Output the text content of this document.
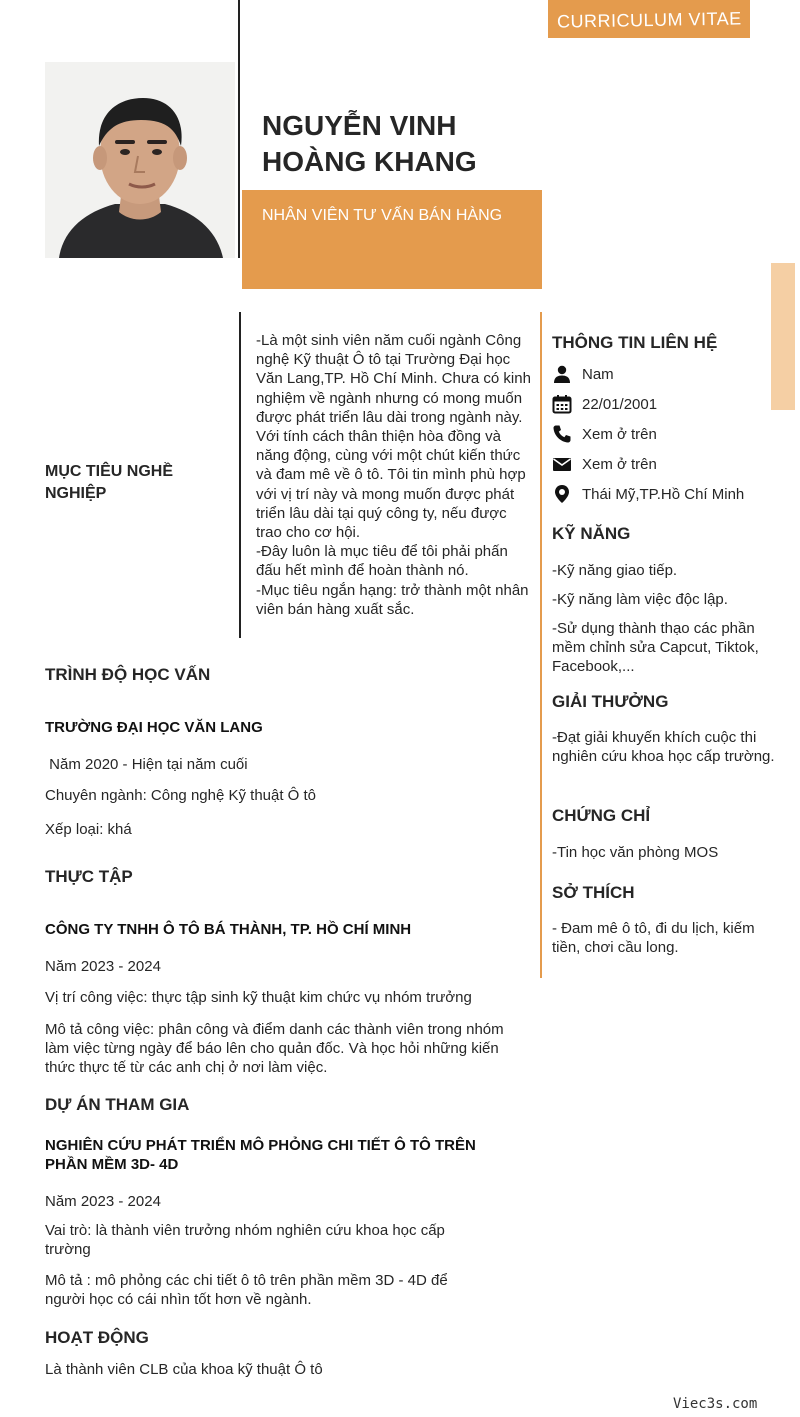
CURRICULUM VITAE
NGUYỄN VINH
HOÀNG KHANG
NHÂN VIÊN TƯ VẤN BÁN HÀNG
MỤC TIÊU NGHỀ
NGHIỆP

-Là một sinh viên năm cuối ngành Công nghệ Kỹ thuật Ô tô tại Trường Đại học Văn Lang,TP. Hồ Chí Minh. Chưa có kinh nghiệm về ngành nhưng có mong muốn được phát triển lâu dài trong ngành này. Với tính cách thân thiện hòa đồng và năng động, cùng với một chút kiến thức và đam mê về ô tô. Tôi tin mình phù hợp với vị trí này và mong muốn được phát triển lâu dài tại quý công ty, nếu được trao cho cơ hội.

-Đây luôn là mục tiêu để tôi phải phấn đấu hết mình để hoàn thành nó.

-Mục tiêu ngắn hạng: trở thành một nhân viên bán hàng xuất sắc.

TRÌNH ĐỘ HỌC VẤN
TRƯỜNG ĐẠI HỌC VĂN LANG
Năm 2020 - Hiện tại năm cuối
Chuyên ngành: Công nghệ Kỹ thuật Ô tô
Xếp loại: khá
THỰC TẬP
CÔNG TY TNHH Ô TÔ BÁ THÀNH, TP. HỒ CHÍ MINH
Năm 2023 - 2024
Vị trí công việc: thực tập sinh kỹ thuật kim chức vụ nhóm trưởng
Mô tả công việc: phân công và điểm danh các thành viên trong nhóm làm việc từng ngày để báo lên cho quản đốc. Và học hỏi những kiến thức thực tế từ các anh chị ở nơi làm việc.
DỰ ÁN THAM GIA
NGHIÊN CỨU PHÁT TRIỂN MÔ PHỎNG CHI TIẾT Ô TÔ TRÊN PHẦN MỀM 3D- 4D
Năm 2023 - 2024
Vai trò: là thành viên trưởng nhóm nghiên cứu khoa học cấp trường
Mô tả : mô phỏng các chi tiết ô tô trên phần mềm 3D - 4D để người học có cái nhìn tốt hơn về ngành.
HOẠT ĐỘNG
Là thành viên CLB của khoa kỹ thuật Ô tô
THÔNG TIN LIÊN HỆ
Nam
22/01/2001
Xem ở trên
Xem ở trên
Thái Mỹ,TP.Hồ Chí Minh
KỸ NĂNG
-Kỹ năng giao tiếp.
-Kỹ năng làm việc độc lập.
-Sử dụng thành thạo các phần mềm chỉnh sửa Capcut, Tiktok, Facebook,...
GIẢI THƯỞNG
-Đạt giải khuyến khích cuộc thi nghiên cứu khoa học cấp trường.
CHỨNG CHỈ
-Tin học văn phòng MOS
SỞ THÍCH
- Đam mê ô tô, đi du lịch, kiếm tiền, chơi cầu long.
Viec3s.com
